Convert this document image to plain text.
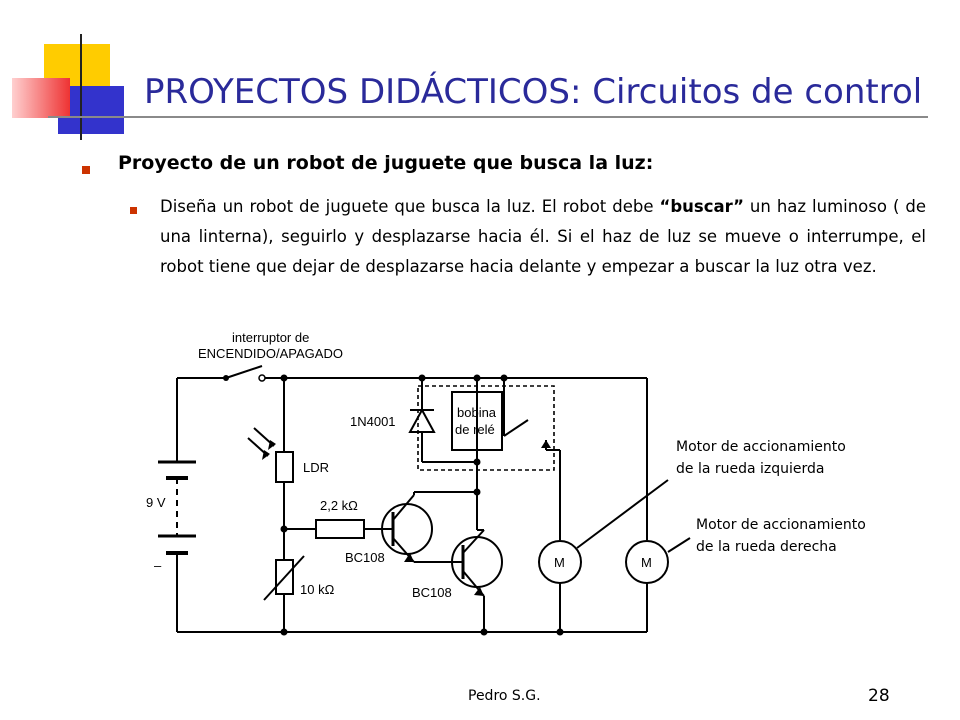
PROYECTOS DIDÁCTICOS: Circuitos de control
Proyecto de un robot de juguete que busca la luz:
Diseña un robot de juguete que busca la luz. El robot debe “buscar” un haz luminoso ( de una linterna), seguirlo y desplazarse hacia él. Si el haz de luz se mueve o interrumpe, el robot tiene que dejar de desplazarse hacia delante y empezar a buscar la luz otra vez.
interruptor de
ENCENDIDO/APAGADO
1N4001
bobina
de relé
LDR
2,2 kΩ
BC108
BC108
10 kΩ
9 V
–	M	M
Motor de accionamiento
de la rueda izquierda
Motor de accionamiento
de la rueda derecha
Pedro S.G.	28
